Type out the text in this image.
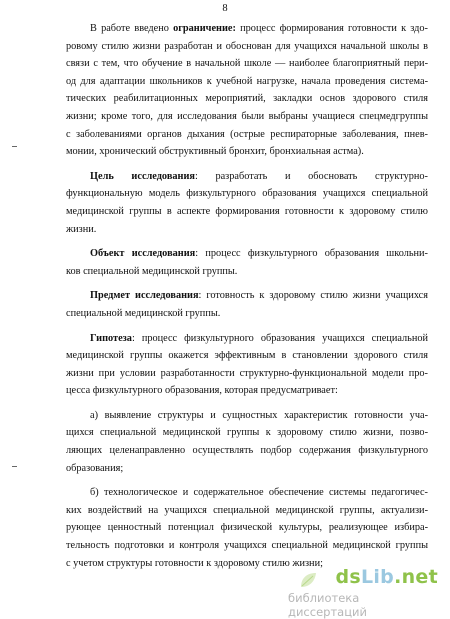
8
В работе введено ограничение: процесс формирования готовности к здо-
ровому стилю жизни разработан и обоснован для учащихся начальной школы в
связи с тем, что обучение в начальной школе — наиболее благоприятный пери-
од для адаптации школьников к учебной нагрузке, начала проведения система-
тических реабилитационных мероприятий, закладки основ здорового стиля
жизни; кроме того, для исследования были выбраны учащиеся спецмедгруппы
с заболеваниями органов дыхания (острые респираторные заболевания, пнев-
монии, хронический обструктивный бронхит, бронхиальная астма).
Цель исследования: разработать и обосновать структурно-
функциональную модель физкультурного образования учащихся специальной
медицинской группы в аспекте формирования готовности к здоровому стилю
жизни.
Объект исследования: процесс физкультурного образования школьни-
ков специальной медицинской группы.
Предмет исследования: готовность к здоровому стилю жизни учащихся
специальной медицинской группы.
Гипотеза: процесс физкультурного образования учащихся специальной
медицинской группы окажется эффективным в становлении здорового стиля
жизни при условии разработанности структурно-функциональной модели про-
цесса физкультурного образования, которая предусматривает:
а) выявление структуры и сущностных характеристик готовности уча-
щихся специальной медицинской группы к здоровому стилю жизни, позво-
ляющих целенаправленно осуществлять подбор содержания физкультурного
образования;
б) технологическое и содержательное обеспечение системы педагогичес-
ких воздействий на учащихся специальной медицинской группы, актуализи-
рующее ценностный потенциал физической культуры, реализующее избира-
тельность подготовки и контроля учащихся специальной медицинской группы
с учетом структуры готовности к здоровому стилю жизни;
dsLib.net
библиотека диссертаций
